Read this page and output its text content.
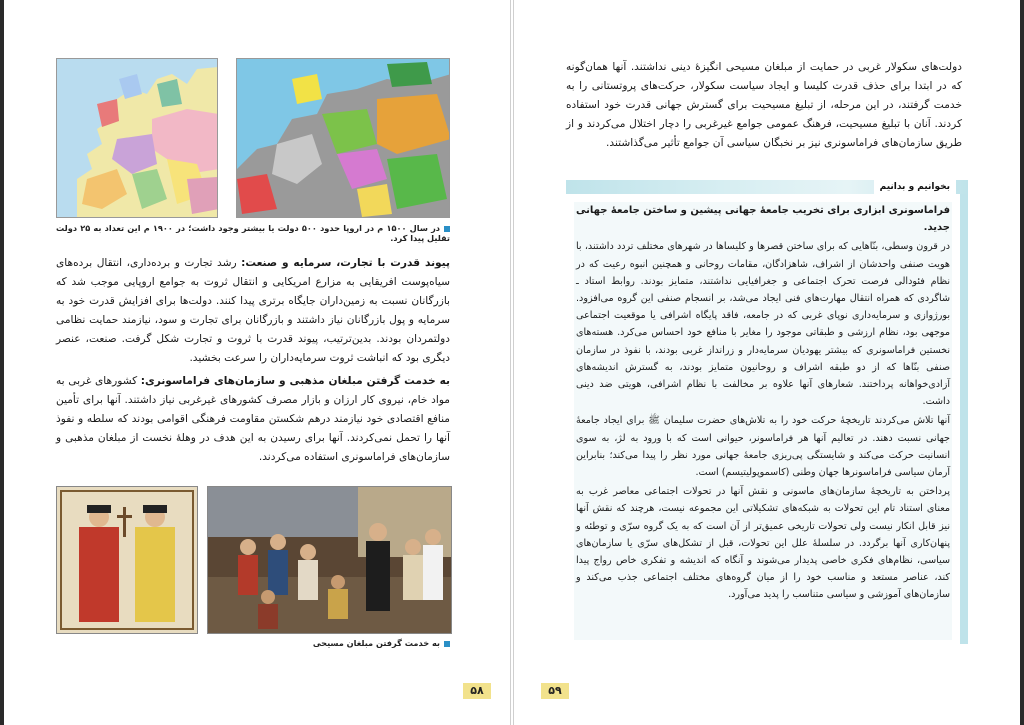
در سال ۱۵۰۰ م در اروپا حدود ۵۰۰ دولت یا بیشتر وجود داشت؛ در ۱۹۰۰ م این تعداد به ۲۵ دولت تقلیل پیدا کرد.

پیوند قدرت با تجارت، سرمایه و صنعت: رشد تجارت و برده‌داری، انتقال برده‌های سیاه‌پوست افریقایی به مزارع امریکایی و انتقال ثروت به جوامع اروپایی موجب شد که بازرگانان نسبت به زمین‌داران جایگاه برتری پیدا کنند. دولت‌ها برای افزایش قدرت خود به سرمایه و پول بازرگانان نیاز داشتند و بازرگانان برای تجارت و سود، نیازمند حمایت نظامی دولتمردان بودند. بدین‌ترتیب، پیوند قدرت با ثروت و تجارت شکل گرفت. صنعت، عنصر دیگری بود که انباشت ثروت سرمایه‌داران را سرعت بخشید.

به خدمت گرفتن مبلغان مذهبی و سازمان‌های فراماسونری: کشورهای غربی به مواد خام، نیروی کار ارزان و بازار مصرف کشورهای غیرغربی نیاز داشتند. آنها برای تأمین منافع اقتصادی خود نیازمند درهم شکستن مقاومت فرهنگی اقوامی بودند که سلطه و نفوذ آنها را تحمل نمی‌کردند. آنها برای رسیدن به این هدف در وهلهٔ نخست از مبلغان مذهبی و سازمان‌های فراماسونری استفاده می‌کردند.

به خدمت گرفتن مبلغان مسیحی
۵۸

دولت‌های سکولار غربی در حمایت از مبلغان مسیحی انگیزهٔ دینی نداشتند. آنها همان‌گونه که در ابتدا برای حذف قدرت کلیسا و ایجاد سیاست سکولار، حرکت‌های پروتستانی را به خدمت گرفتند، در این مرحله، از تبلیغ مسیحیت برای گسترش جهانی قدرت خود استفاده کردند. آنان با تبلیغ مسیحیت، فرهنگ عمومی جوامع غیرغربی را دچار اختلال می‌کردند و از طریق سازمان‌های فراماسونری نیز بر نخبگان سیاسی آن جوامع تأثیر می‌گذاشتند.

بخوانیم و بدانیم

فراماسونری ابزاری برای تخریب جامعهٔ جهانی پیشین و ساختن جامعهٔ جهانی جدید.

در قرون وسطی، بنّاهایی که برای ساختن قصرها و کلیساها در شهرهای مختلف تردد داشتند، با هویت صنفی واحدشان از اشراف، شاهزادگان، مقامات روحانی و همچنین انبوه رعیت که در نظام فئودالی فرصت تحرک اجتماعی و جغرافیایی نداشتند، متمایز بودند. روابط استاد ـ شاگردی که همراه انتقال مهارت‌های فنی ایجاد می‌شد، بر انسجام صنفی این گروه می‌افزود. بورژوازی و سرمایه‌داری نوپای غربی که در جامعه، فاقد پایگاه اشرافی یا موقعیت اجتماعی موجهی بود، نظام ارزشی و طبقاتی موجود را مغایر با منافع خود احساس می‌کرد. هسته‌های نخستین فراماسونری که بیشتر یهودیان سرمایه‌دار و زرانداز غربی بودند، با نفوذ در سازمان صنفی بنّاها که از دو طبقه اشراف و روحانیون متمایز بودند، به گسترش اندیشه‌های آزادی‌خواهانه پرداختند. شعارهای آنها علاوه بر مخالفت با نظام اشرافی، هویتی ضد دینی داشت.

آنها تلاش می‌کردند تاریخچهٔ حرکت خود را به تلاش‌های حضرت سلیمان ﷺ برای ایجاد جامعهٔ جهانی نسبت دهند. در تعالیم آنها هر فراماسونر، حیوانی است که با ورود به لژ، به سوی انسانیت حرکت می‌کند و شایستگی پی‌ریزی جامعهٔ جهانی مورد نظر را پیدا می‌کند؛ بنابراین آرمان سیاسی فراماسونرها جهان وطنی (کاسموپولیتیسم) است.

پرداختن به تاریخچهٔ سازمان‌های ماسونی و نقش آنها در تحولات اجتماعی معاصر غرب به معنای استناد تام این تحولات به شبکه‌های تشکیلاتی این مجموعه نیست، هرچند که نقش آنها نیز قابل انکار نیست ولی تحولات تاریخی عمیق‌تر از آن است که به یک گروه سرّی و توطئه و پنهان‌کاری آنها برگردد. در سلسلهٔ علل این تحولات، قبل از تشکل‌های سرّی یا سازمان‌های سیاسی، نظام‌های فکری خاصی پدیدار می‌شوند و آنگاه که اندیشه و تفکری خاص رواج پیدا کند، عناصر مستعد و مناسب خود را از میان گروه‌های مختلف اجتماعی جذب می‌کند و سازمان‌های آموزشی و سیاسی متناسب را پدید می‌آورد.

۵۹
